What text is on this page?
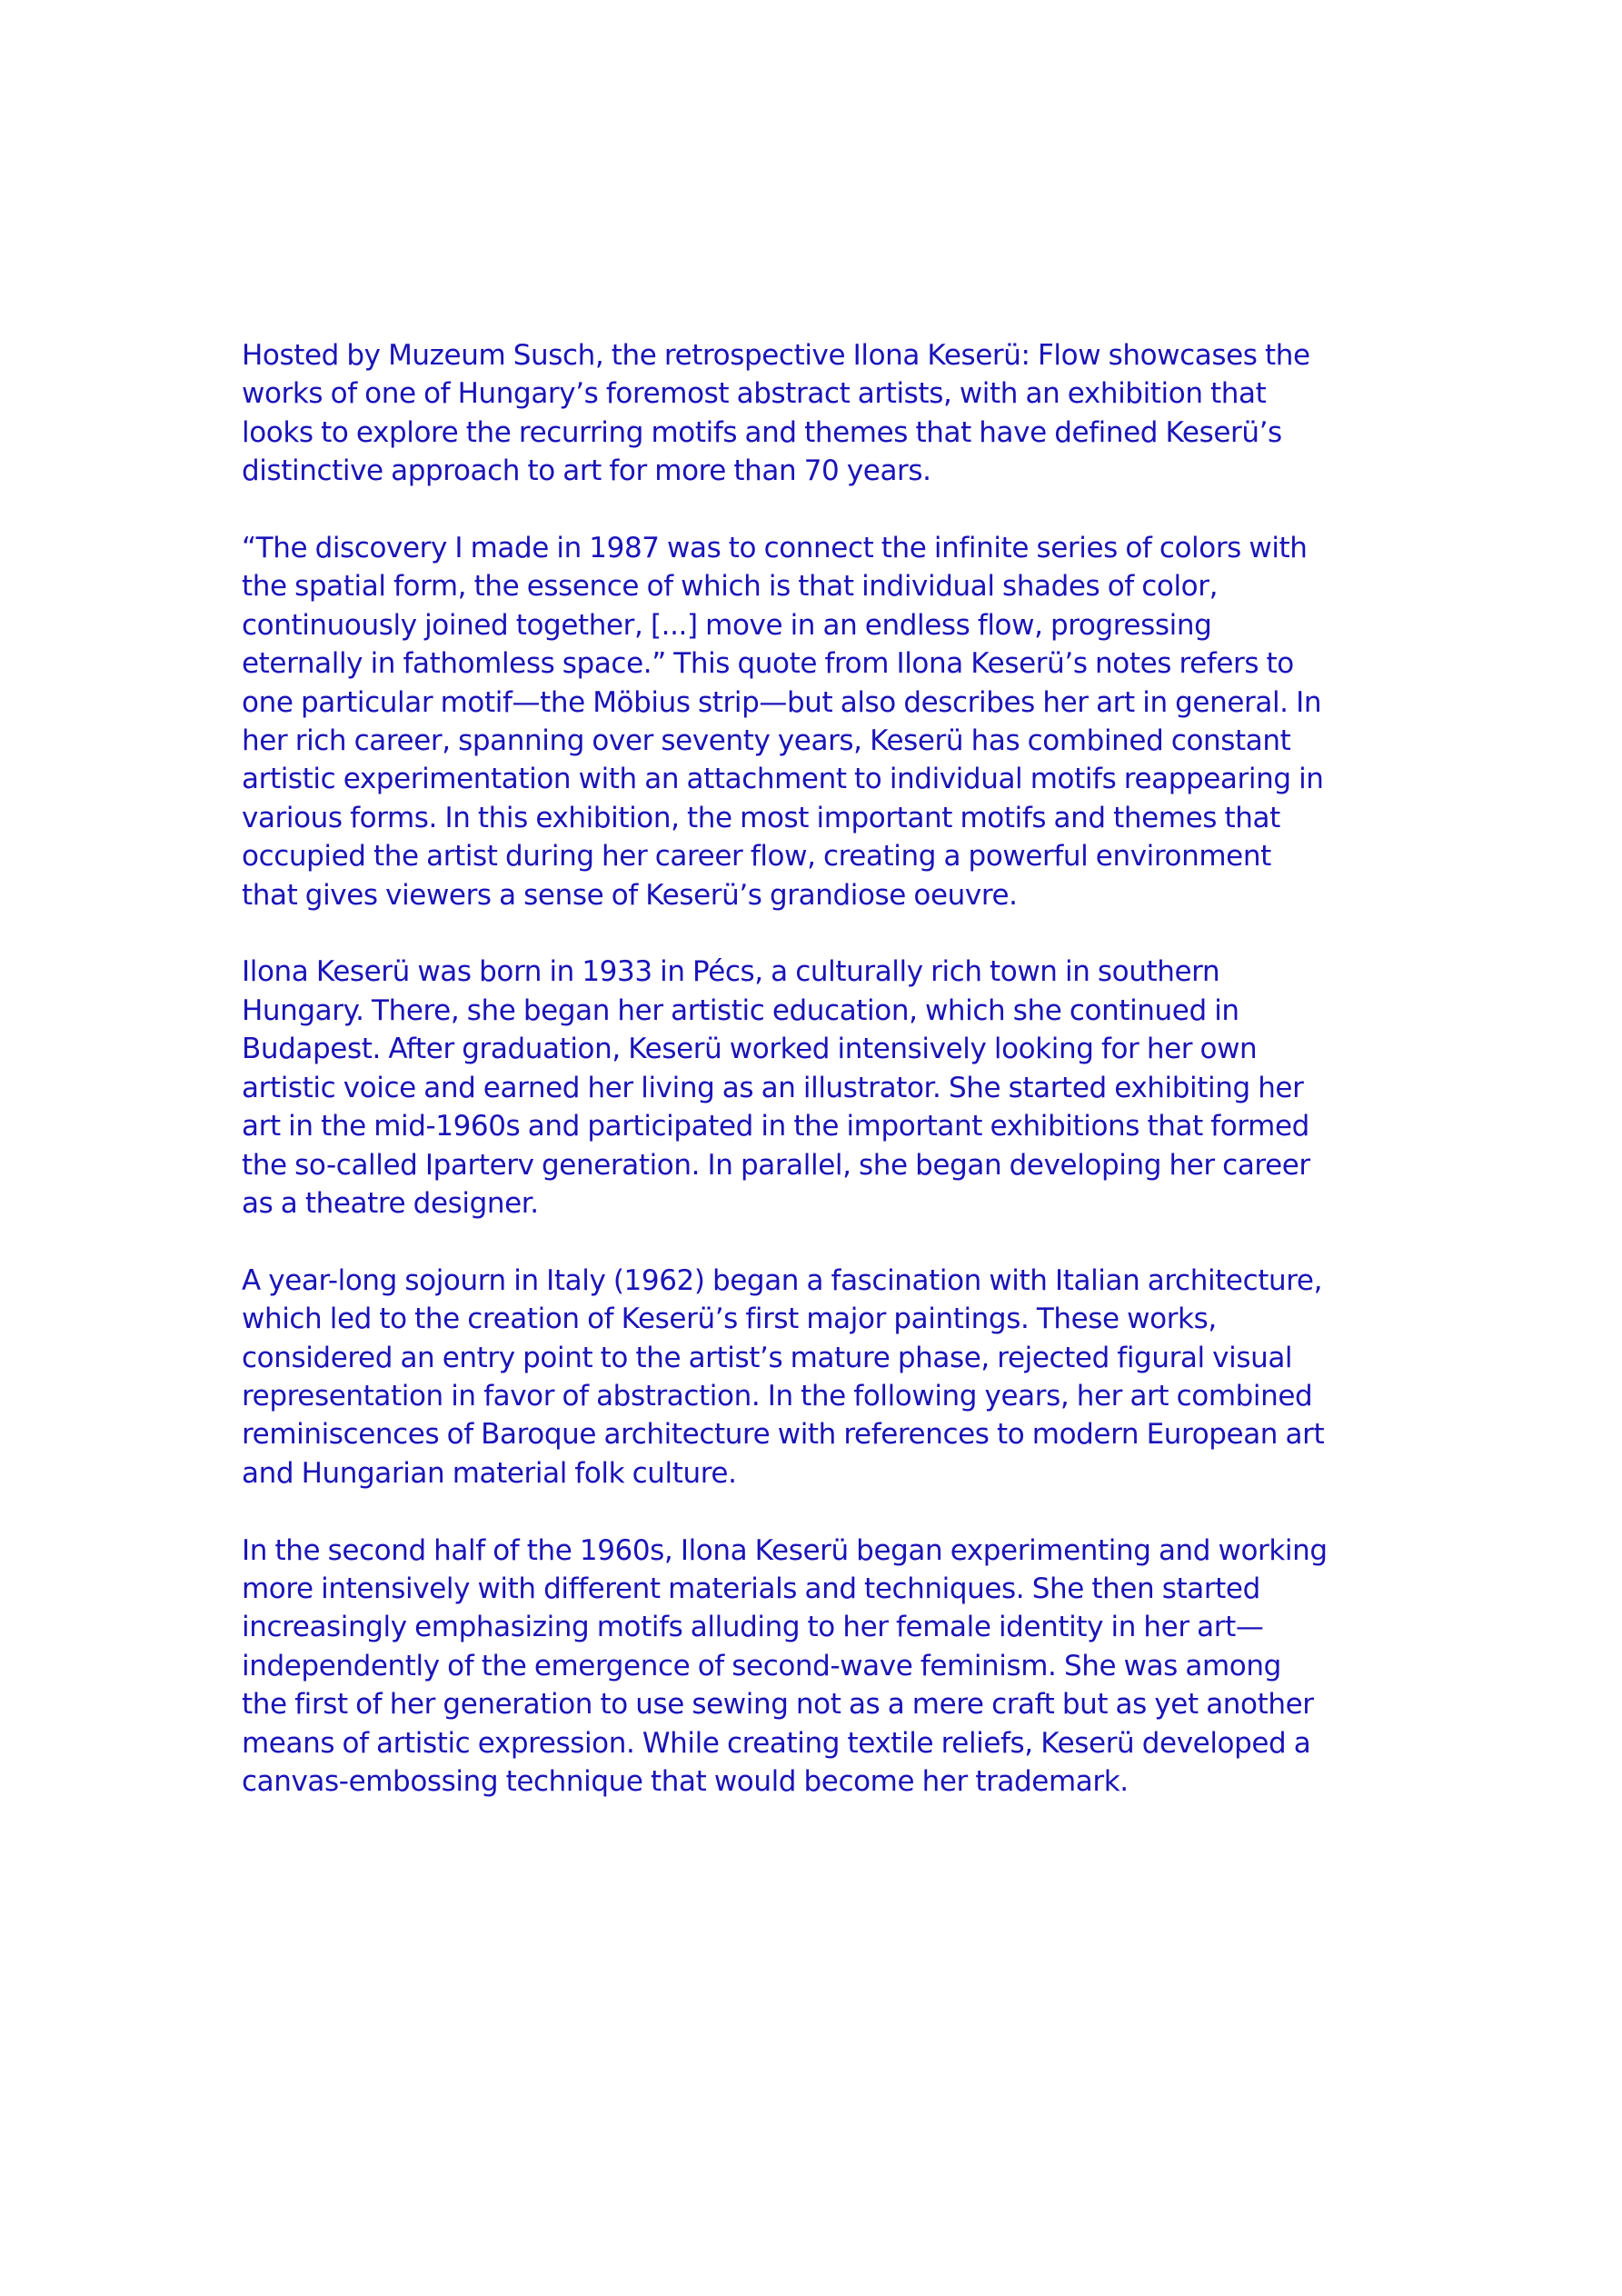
Hosted by Muzeum Susch, the retrospective Ilona Keserü: Flow showcases the
works of one of Hungary’s foremost abstract artists, with an exhibition that
looks to explore the recurring motifs and themes that have defined Keserü’s
distinctive approach to art for more than 70 years.

“The discovery I made in 1987 was to connect the infinite series of colors with
the spatial form, the essence of which is that individual shades of color,
continuously joined together, [...] move in an endless flow, progressing
eternally in fathomless space.” This quote from Ilona Keserü’s notes refers to
one particular motif—the Möbius strip—but also describes her art in general. In
her rich career, spanning over seventy years, Keserü has combined constant
artistic experimentation with an attachment to individual motifs reappearing in
various forms. In this exhibition, the most important motifs and themes that
occupied the artist during her career flow, creating a powerful environment
that gives viewers a sense of Keserü’s grandiose oeuvre.

Ilona Keserü was born in 1933 in Pécs, a culturally rich town in southern
Hungary. There, she began her artistic education, which she continued in
Budapest. After graduation, Keserü worked intensively looking for her own
artistic voice and earned her living as an illustrator. She started exhibiting her
art in the mid-1960s and participated in the important exhibitions that formed
the so-called Iparterv generation. In parallel, she began developing her career
as a theatre designer.

A year-long sojourn in Italy (1962) began a fascination with Italian architecture,
which led to the creation of Keserü’s first major paintings. These works,
considered an entry point to the artist’s mature phase, rejected figural visual
representation in favor of abstraction. In the following years, her art combined
reminiscences of Baroque architecture with references to modern European art
and Hungarian material folk culture.

In the second half of the 1960s, Ilona Keserü began experimenting and working
more intensively with different materials and techniques. She then started
increasingly emphasizing motifs alluding to her female identity in her art—
independently of the emergence of second-wave feminism. She was among
the first of her generation to use sewing not as a mere craft but as yet another
means of artistic expression. While creating textile reliefs, Keserü developed a
canvas-embossing technique that would become her trademark.
